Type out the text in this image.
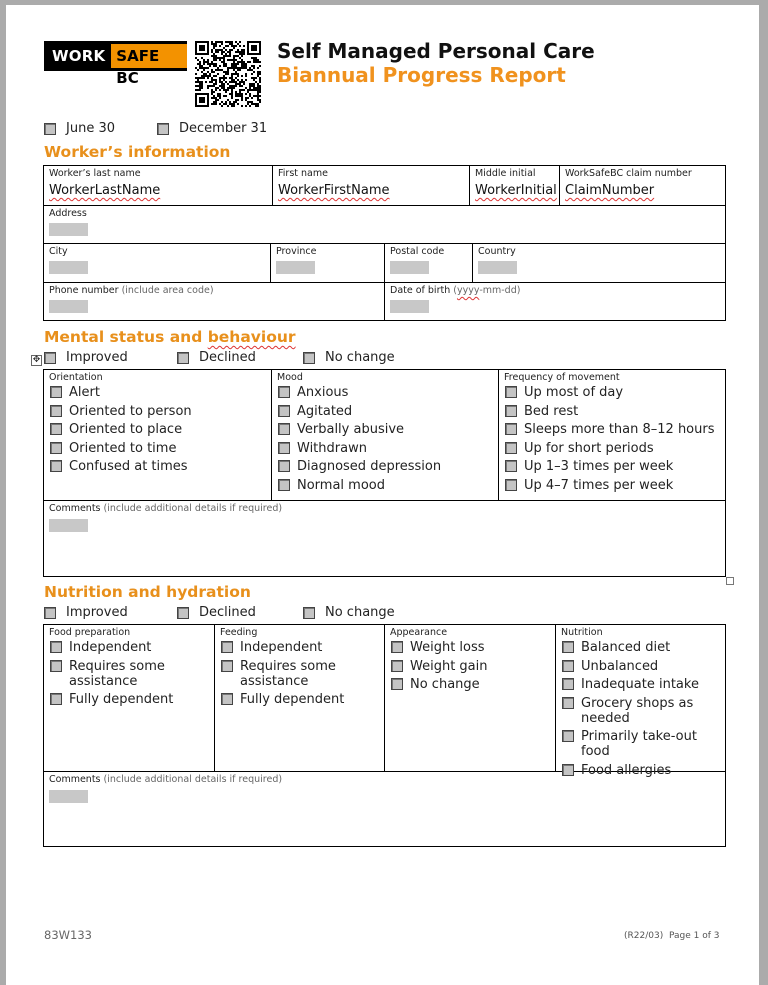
WORK SAFE BC
Self Managed Personal Care
Biannual Progress Report
June 30	December 31
Worker’s information
Worker’s last name
WorkerLastName
First name
WorkerFirstName
Middle initial
WorkerInitial
WorkSafeBC claim number
ClaimNumber
Address
City	Province	Postal code	Country
Phone number (include area code)	Date of birth (yyyy-mm-dd)
Mental status and behaviour
✥ Improved	Declined	No change
Orientation
Alert
Oriented to person
Oriented to place
Oriented to time
Confused at times
Mood
Anxious
Agitated
Verbally abusive
Withdrawn
Diagnosed depression
Normal mood
Frequency of movement
Up most of day
Bed rest
Sleeps more than 8–12 hours
Up for short periods
Up 1–3 times per week
Up 4–7 times per week
Comments (include additional details if required)
Nutrition and hydration
Improved	Declined	No change
Food preparation
Independent
Requires some
assistance
Fully dependent
Feeding
Independent
Requires some
assistance
Fully dependent
Appearance
Weight loss
Weight gain
No change
Nutrition
Balanced diet
Unbalanced
Inadequate intake
Grocery shops as
needed
Primarily take-out food
Food allergies
Comments (include additional details if required)
83W133	(R22/03) Page 1 of 3
